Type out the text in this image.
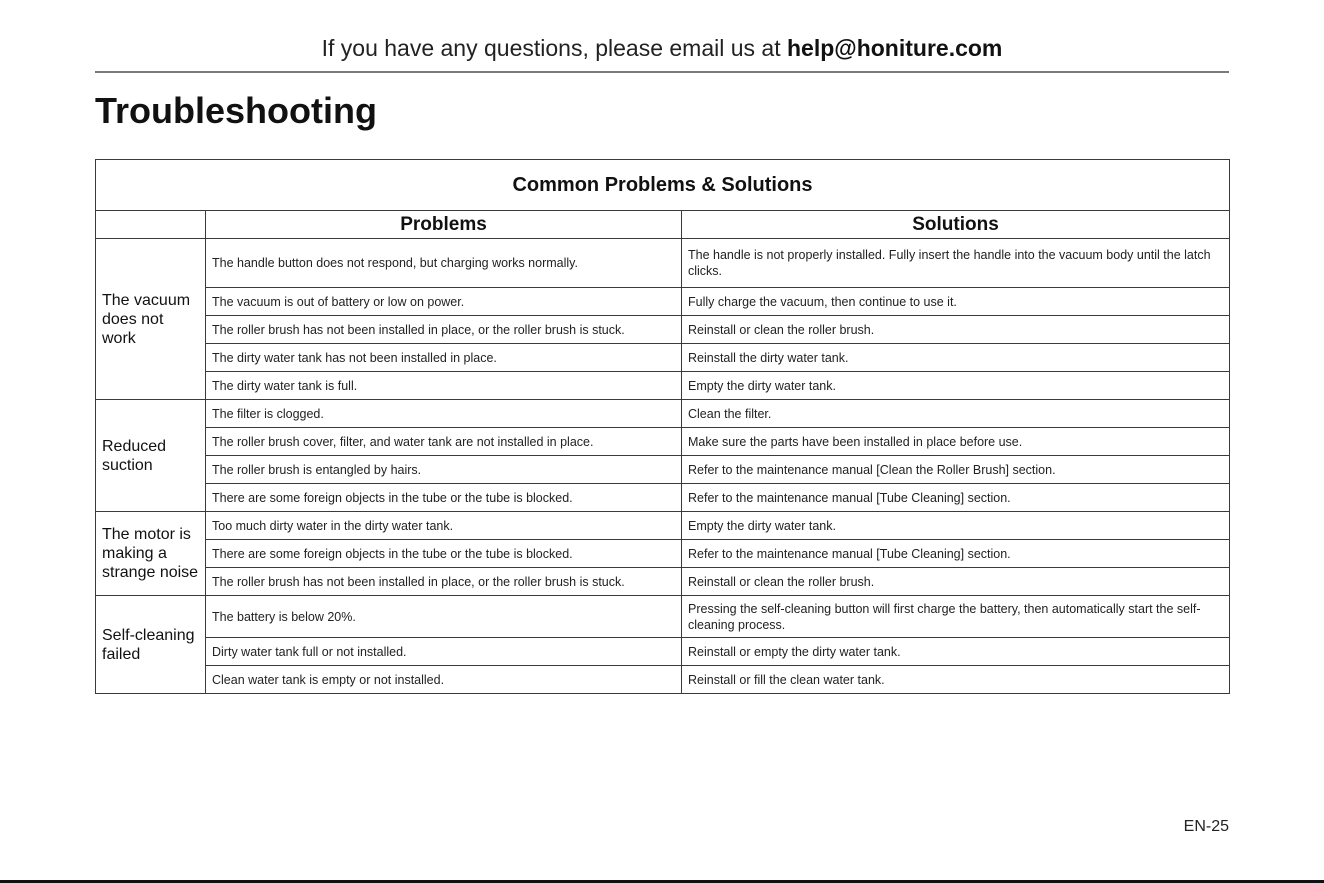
If you have any questions, please email us at help@honiture.com
Troubleshooting
Common Problems & Solutions		
	Problems	Solutions
The vacuum does not work	The handle button does not respond, but charging works normally.	The handle is not properly installed. Fully insert the handle into the vacuum body until the latch clicks.
	The vacuum is out of battery or low on power.	Fully charge the vacuum, then continue to use it.
	The roller brush has not been installed in place, or the roller brush is stuck.	Reinstall or clean the roller brush.
	The dirty water tank has not been installed in place.	Reinstall the dirty water tank.
	The dirty water tank is full.	Empty the dirty water tank.
Reduced suction	The filter is clogged.	Clean the filter.
	The roller brush cover, filter, and water tank are not installed in place.	Make sure the parts have been installed in place before use.
	The roller brush is entangled by hairs.	Refer to the maintenance manual [Clean the Roller Brush] section.
	There are some foreign objects in the tube or the tube is blocked.	Refer to the maintenance manual [Tube Cleaning] section.
The motor is making a strange noise	Too much dirty water in the dirty water tank.	Empty the dirty water tank.
	There are some foreign objects in the tube or the tube is blocked.	Refer to the maintenance manual [Tube Cleaning] section.
	The roller brush has not been installed in place, or the roller brush is stuck.	Reinstall or clean the roller brush.
Self-cleaning failed	The battery is below 20%.	Pressing the self-cleaning button will first charge the battery, then automatically start the self-cleaning process.
	Dirty water tank full or not installed.	Reinstall or empty the dirty water tank.
	Clean water tank is empty or not installed.	Reinstall or fill the clean water tank.
EN-25
